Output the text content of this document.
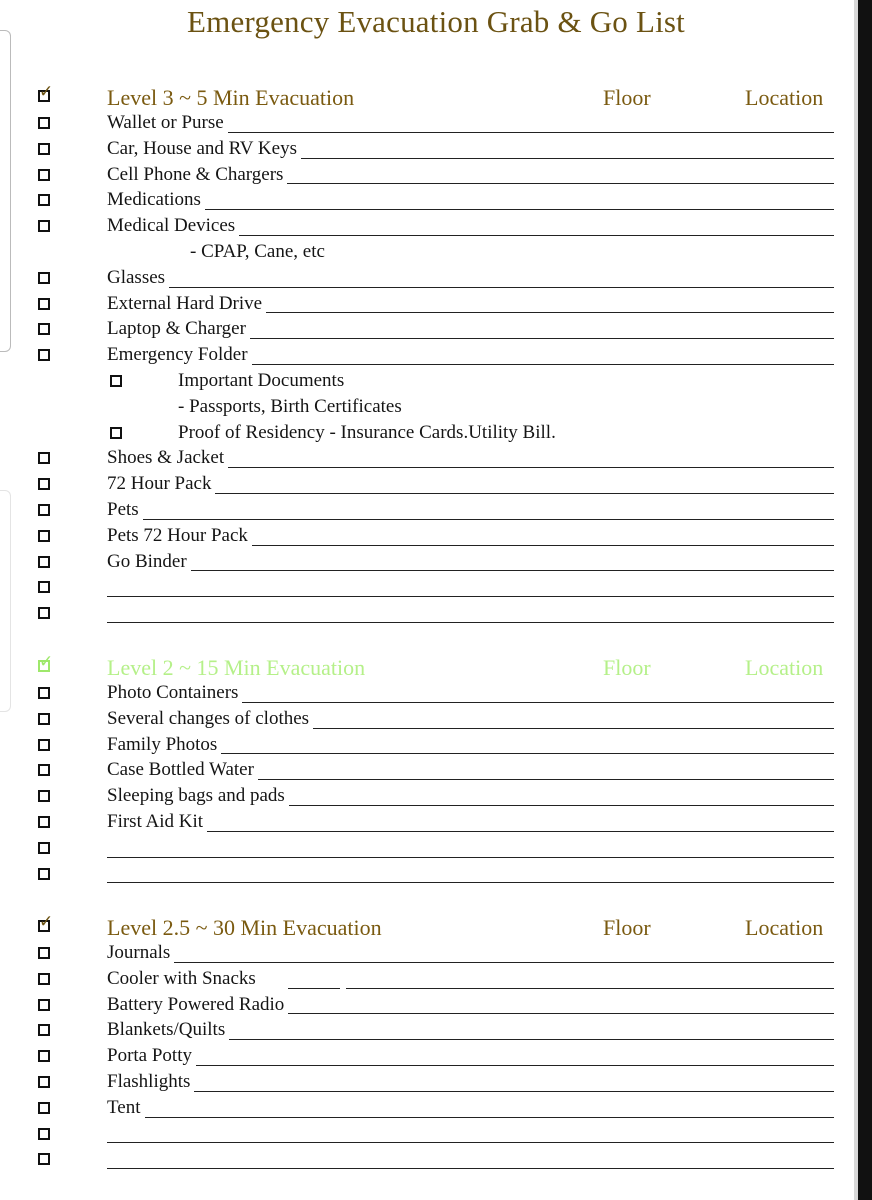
Emergency Evacuation Grab & Go List
✓ Level 3 ~ 5 Min Evacuation	Floor	Location
Wallet or Purse
Car, House and RV Keys
Cell Phone & Chargers
Medications
Medical Devices
- CPAP, Cane, etc
Glasses
External Hard Drive
Laptop & Charger
Emergency Folder
Important Documents
- Passports, Birth Certificates
Proof of Residency - Insurance Cards.Utility Bill.
Shoes & Jacket
72 Hour Pack
Pets
Pets 72 Hour Pack
Go Binder
✓ Level 2 ~ 15 Min Evacuation	Floor	Location
Photo Containers
Several changes of clothes
Family Photos
Case Bottled Water
Sleeping bags and pads
First Aid Kit
✓ Level 2.5 ~ 30 Min Evacuation	Floor	Location
Journals
Cooler with Snacks
Battery Powered Radio
Blankets/Quilts
Porta Potty
Flashlights
Tent
